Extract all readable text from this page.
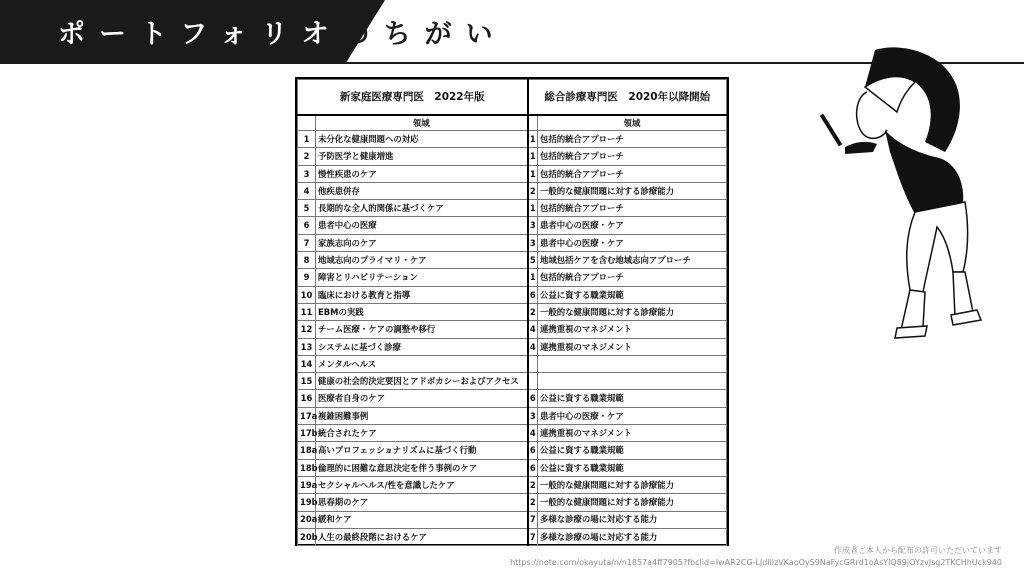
ポートフォリオのちがい
新家庭医療専門医　2022年版		総合診療専門医　2020年以降開始	
	領域		領域
1	未分化な健康問題への対応	1	包括的統合アプローチ
2	予防医学と健康増進	1	包括的統合アプローチ
3	慢性疾患のケア	1	包括的統合アプローチ
4	他疾患併存	2	一般的な健康問題に対する診療能力
5	長期的な全人的関係に基づくケア	1	包括的統合アプローチ
6	患者中心の医療	3	患者中心の医療・ケア
7	家族志向のケア	3	患者中心の医療・ケア
8	地域志向のプライマリ・ケア	5	地域包括ケアを含む地域志向アプローチ
9	障害とリハビリテーション	1	包括的統合アプローチ
10	臨床における教育と指導	6	公益に資する職業規範
11	EBMの実践	2	一般的な健康問題に対する診療能力
12	チーム医療・ケアの調整や移行	4	連携重視のマネジメント
13	システムに基づく診療	4	連携重視のマネジメント
14	メンタルヘルス		
15	健康の社会的決定要因とアドボカシーおよびアクセス		
16	医療者自身のケア	6	公益に資する職業規範
17a	複雑困難事例	3	患者中心の医療・ケア
17b	統合されたケア	4	連携重視のマネジメント
18a	高いプロフェッショナリズムに基づく行動	6	公益に資する職業規範
18b	倫理的に困難な意思決定を伴う事例のケア	6	公益に資する職業規範
19a	セクシャルヘルス/性を意識したケア	2	一般的な健康問題に対する診療能力
19b	思春期のケア	2	一般的な健康問題に対する診療能力
20a	緩和ケア	7	多様な診療の場に対応する能力
20b	人生の最終段階におけるケア	7	多様な診療の場に対応する能力
作成者ご本人から配布の許可いただいています
https://note.com/okayuta/n/n1857a4ff7905?fbclid=IwAR2CG-LJdlllzVKaoOyS9NaFycGRrd1oAsYlQ89jOYzvJsg2TKCHhUck940
